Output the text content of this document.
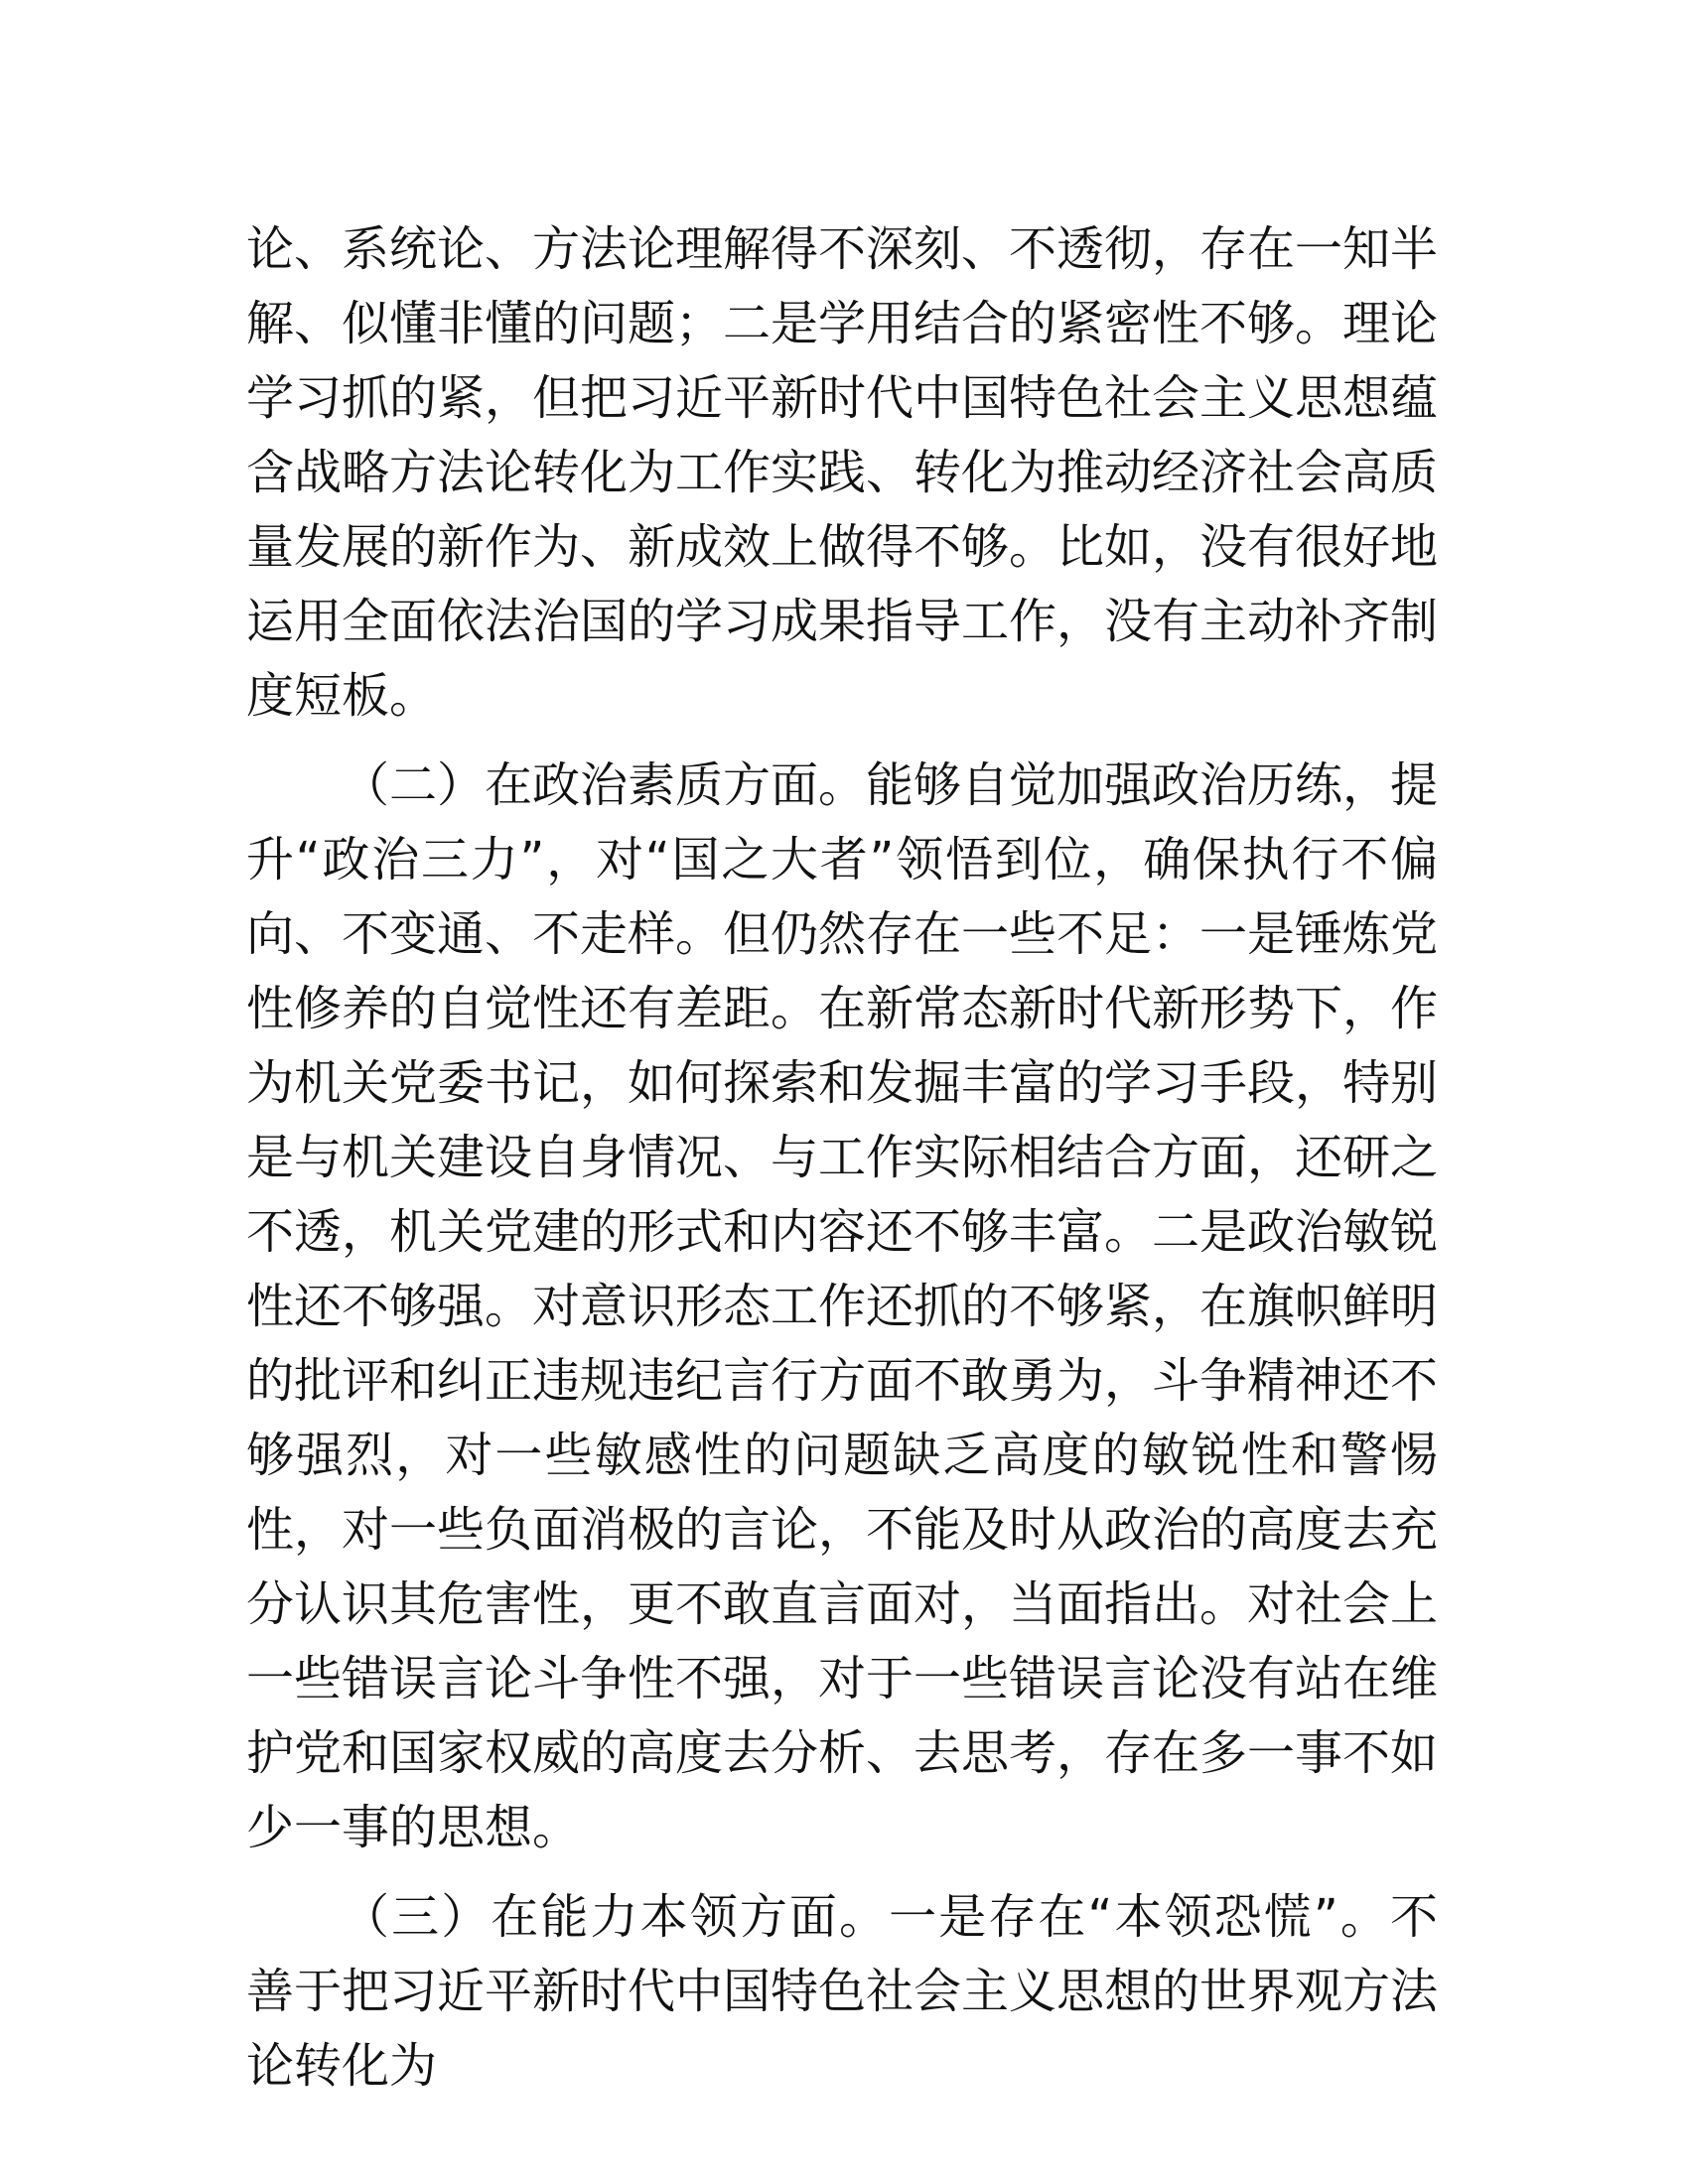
论、系统论、方法论理解得不深刻、不透彻，存在一知半解、似懂非懂的问题；二是学用结合的紧密性不够。理论学习抓的紧，但把习近平新时代中国特色社会主义思想蕴含战略方法论转化为工作实践、转化为推动经济社会高质量发展的新作为、新成效上做得不够。比如，没有很好地运用全面依法治国的学习成果指导工作，没有主动补齐制度短板。

（二）在政治素质方面。能够自觉加强政治历练，提升“政治三力”，对“国之大者”领悟到位，确保执行不偏向、不变通、不走样。但仍然存在一些不足：一是锤炼党性修养的自觉性还有差距。在新常态新时代新形势下，作为机关党委书记，如何探索和发掘丰富的学习手段，特别是与机关建设自身情况、与工作实际相结合方面，还研之不透，机关党建的形式和内容还不够丰富。二是政治敏锐性还不够强。对意识形态工作还抓的不够紧，在旗帜鲜明的批评和纠正违规违纪言行方面不敢勇为，斗争精神还不够强烈，对一些敏感性的问题缺乏高度的敏锐性和警惕性，对一些负面消极的言论，不能及时从政治的高度去充分认识其危害性，更不敢直言面对，当面指出。对社会上一些错误言论斗争性不强，对于一些错误言论没有站在维护党和国家权威的高度去分析、去思考，存在多一事不如少一事的思想。

（三）在能力本领方面。一是存在“本领恐慌”。不善于把习近平新时代中国特色社会主义思想的世界观方法论转化为
